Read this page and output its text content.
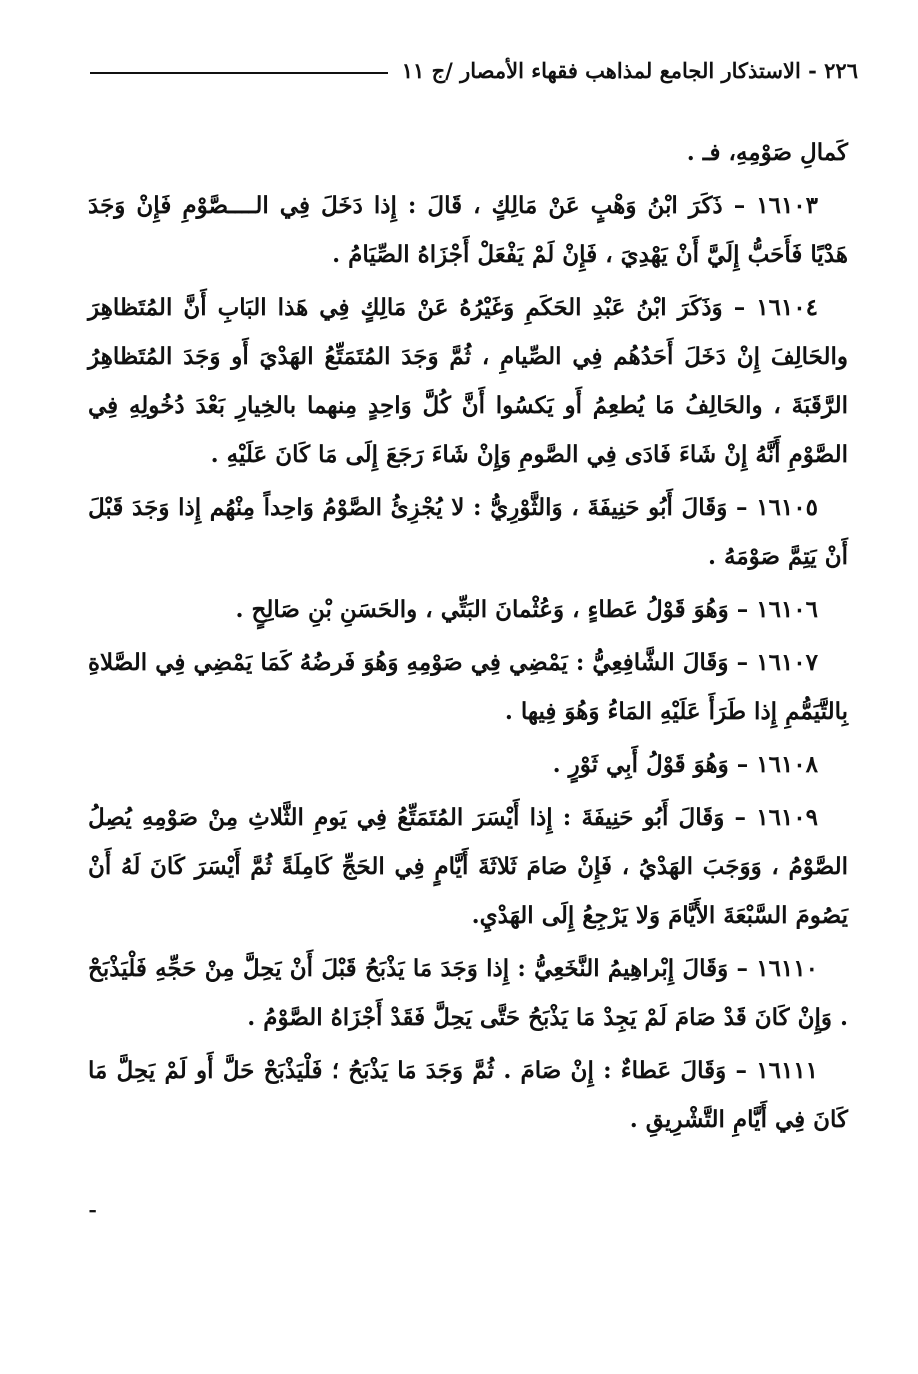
٢٢٦ - الاستذكار الجامع لمذاهب فقهاء الأمصار /ج ١١

كَمالِ صَوْمِهِ، فـ .

١٦١٠٣ – ذَكَرَ ابْنُ وَهْبٍ عَنْ مَالِكٍ ، قَالَ : إِذا دَخَلَ فِي الــــصَّوْمِ فَإِنْ وَجَدَ هَدْيًا فَأَحَبُّ إِلَيَّ أَنْ يَهْدِيَ ، فَإِنْ لَمْ يَفْعَلْ أَجْزَاهُ الصِّيَامُ .

١٦١٠٤ – وَذَكَرَ ابْنُ عَبْدِ الحَكَمِ وَغَيْرُهُ عَنْ مَالِكٍ فِي هَذا البَابِ أَنَّ المُتَظاهِرَ والحَالِفَ إِنْ دَخَلَ أَحَدُهُم فِي الصِّيامِ ، ثُمَّ وَجَدَ المُتَمَتِّعُ الهَدْيَ أَو وَجَدَ المُتَظاهِرُ الرَّقَبَةَ ، والحَالِفُ مَا يُطعِمُ أَو يَكسُوا أَنَّ كُلَّ وَاحِدٍ مِنهما بالخِيارِ بَعْدَ دُخُولِهِ فِي الصَّوْمِ أَنَّهُ إِنْ شَاءَ فَادَى فِي الصَّومِ وَإِنْ شَاءَ رَجَعَ إِلَى مَا كَانَ عَلَيْهِ .

١٦١٠٥ – وَقَالَ أَبُو حَنِيفَةَ ، وَالثَّوْرِيُّ : لا يُجْزِئُ الصَّوْمُ وَاحِداً مِنْهُم إِذا وَجَدَ قَبْلَ أَنْ يَتِمَّ صَوْمَهُ .

١٦١٠٦ – وَهُوَ قَوْلُ عَطاءٍ ، وَعُثْمانَ البَتِّي ، والحَسَنِ بْنِ صَالِحٍ .

١٦١٠٧ – وَقَالَ الشَّافِعِيُّ : يَمْضِي فِي صَوْمِهِ وَهُوَ فَرضُهُ كَمَا يَمْضِي فِي الصَّلاةِ بِالتَّيَمُّمِ إِذا طَرَأَ عَلَيْهِ المَاءُ وَهُوَ فِيها .

١٦١٠٨ – وَهُوَ قَوْلُ أَبِي ثَوْرٍ .

١٦١٠٩ – وَقَالَ أَبُو حَنِيفَةَ : إِذا أَيْسَرَ المُتَمَتِّعُ فِي يَومِ الثَّلاثِ مِنْ صَوْمِهِ يُصِلُ الصَّوْمُ ، وَوَجَبَ الهَدْيُ ، فَإِنْ صَامَ ثَلاثَةَ أَيَّامٍ فِي الحَجِّ كَامِلَةً ثُمَّ أَيْسَرَ كَانَ لَهُ أَنْ يَصُومَ السَّبْعَةَ الأَيَّامَ وَلا يَرْجِعُ إِلَى الهَدْيِ.

١٦١١٠ – وَقَالَ إِبْراهِيمُ النَّخَعِيُّ : إِذا وَجَدَ مَا يَذْبَحُ قَبْلَ أَنْ يَحِلَّ مِنْ حَجِّهِ فَلْيَذْبَحْ . وَإِنْ كَانَ قَدْ صَامَ لَمْ يَجِدْ مَا يَذْبَحُ حَتَّى يَحِلَّ فَقَدْ أَجْزَاهُ الصَّوْمُ .

١٦١١١ – وَقَالَ عَطاءٌ : إِنْ صَامَ . ثُمَّ وَجَدَ مَا يَذْبَحُ ؛ فَلْيَذْبَحْ حَلَّ أَو لَمْ يَحِلَّ مَا كَانَ فِي أَيَّامِ التَّشْرِيقِ .

ـ
